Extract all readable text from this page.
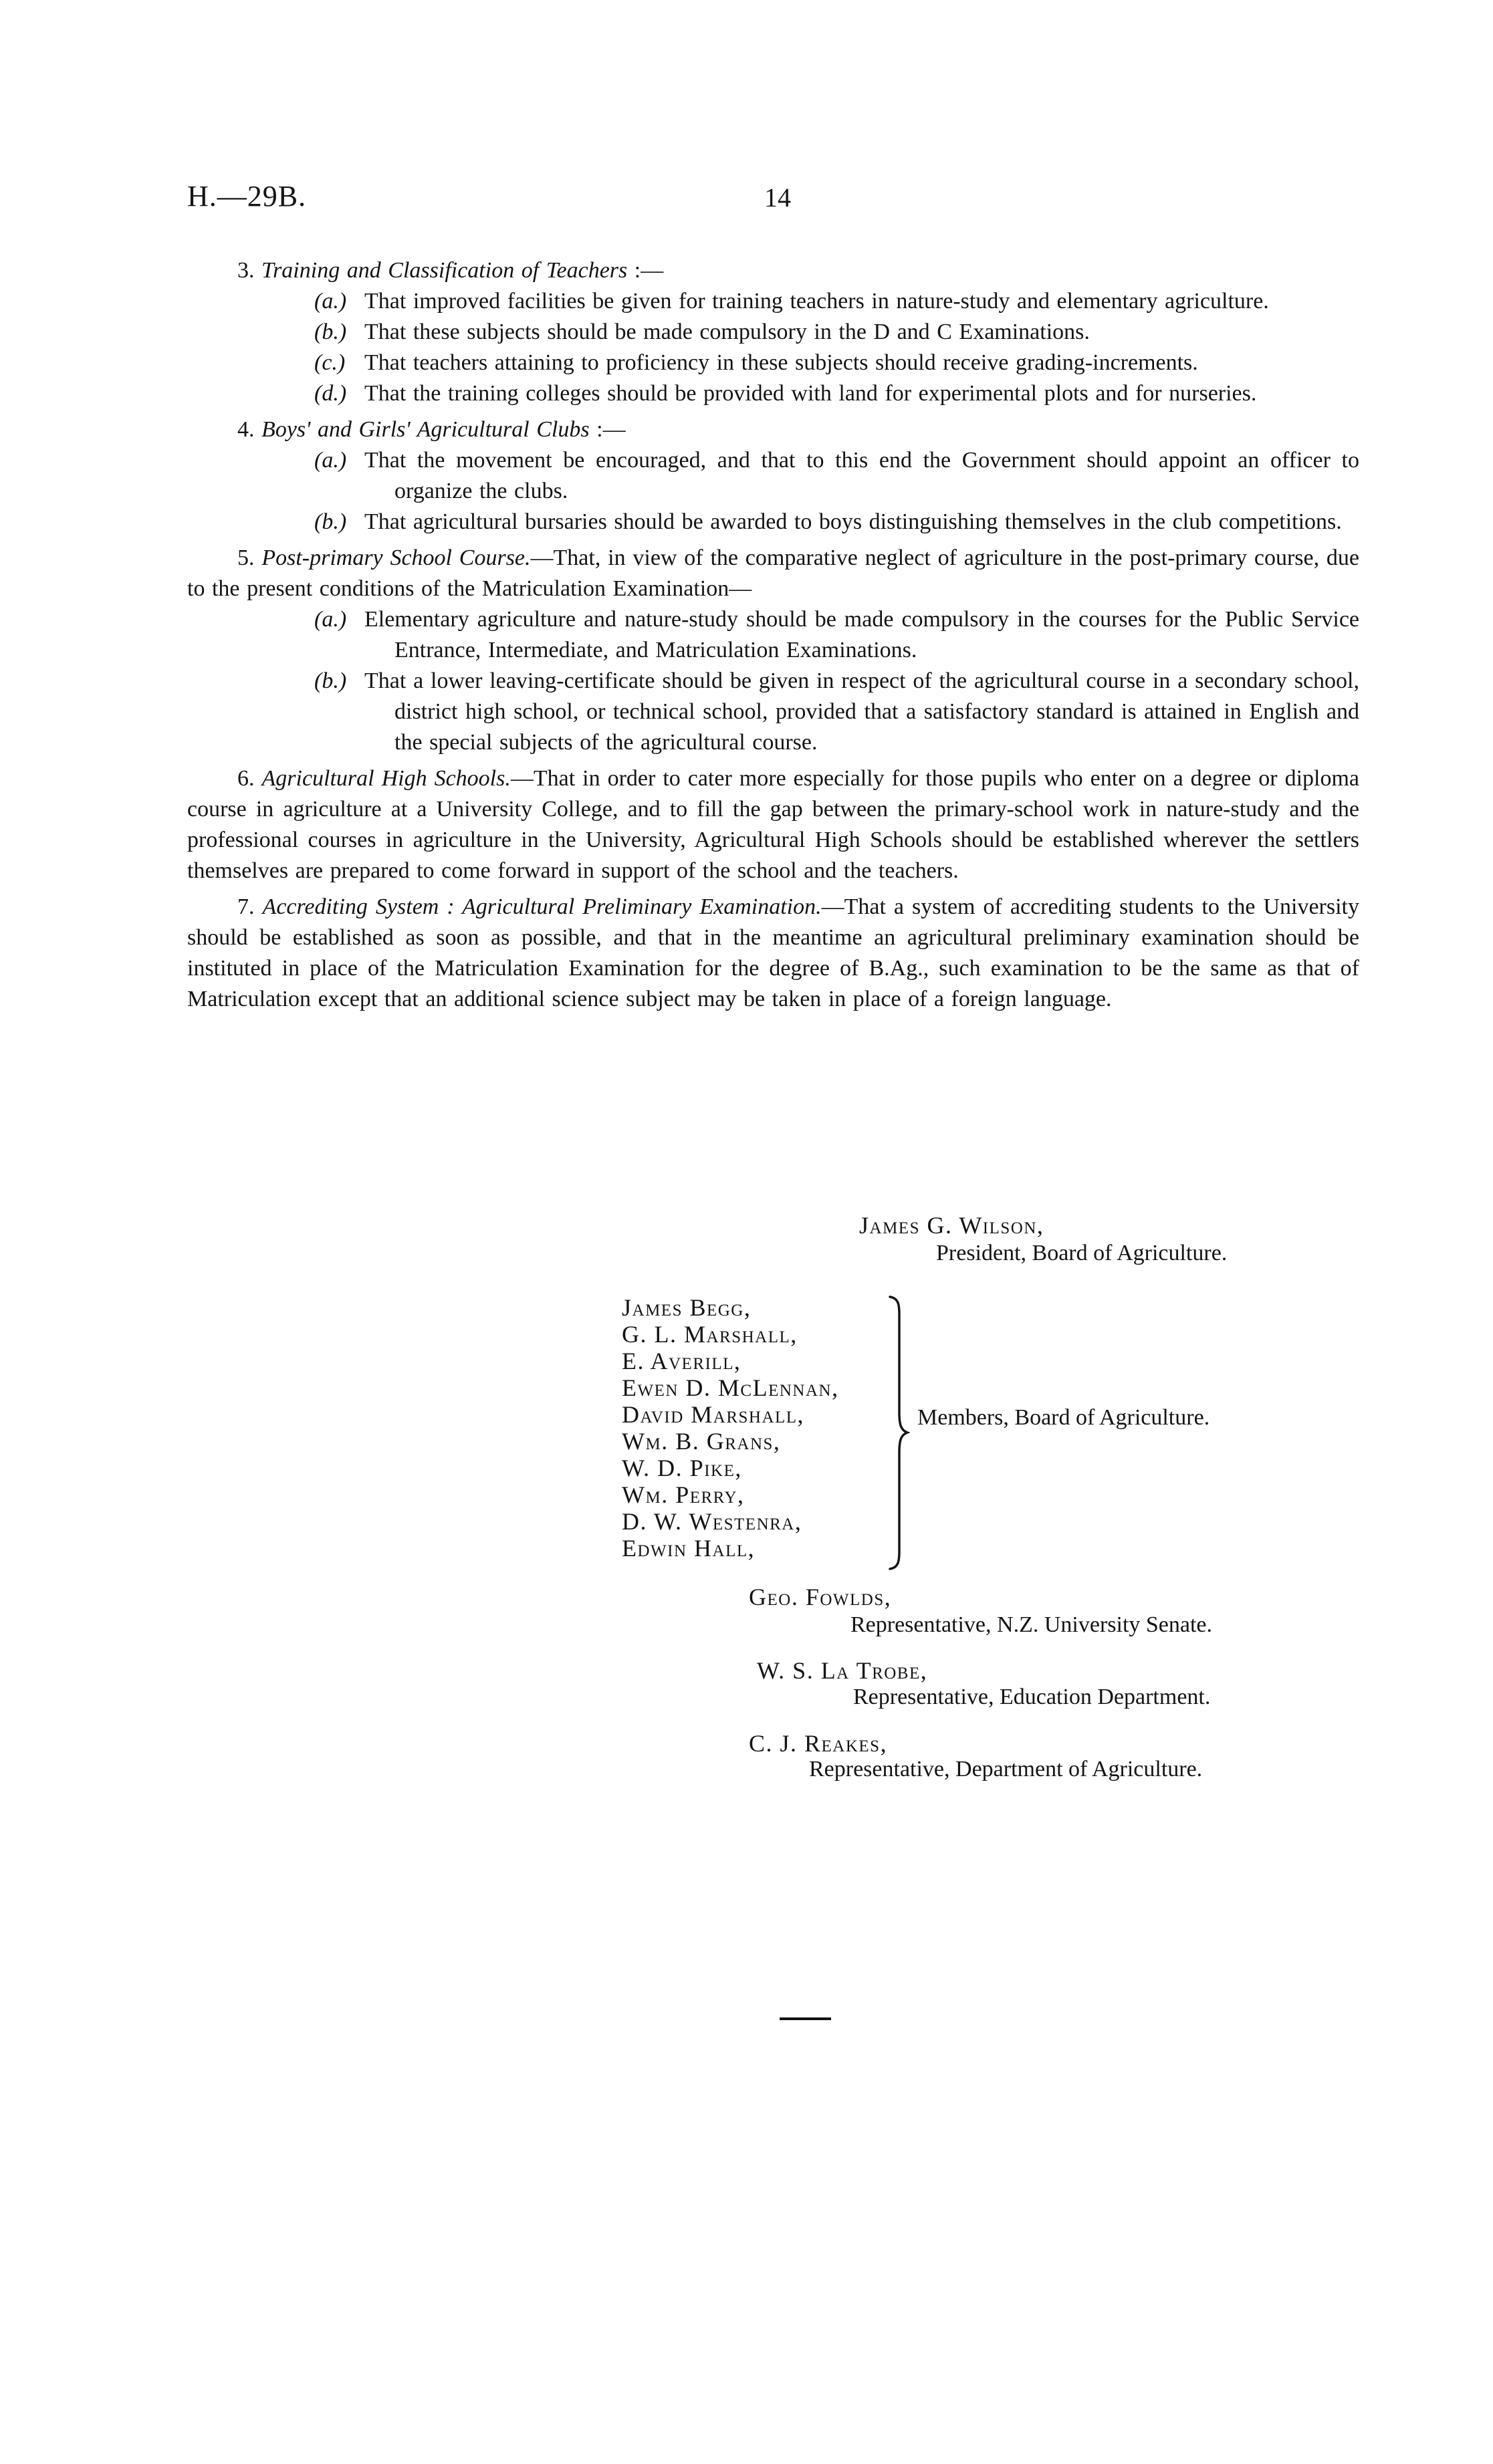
H.—29B.	14

3. Training and Classification of Teachers :—

(a.) That improved facilities be given for training teachers in nature-study and elementary agriculture.

(b.) That these subjects should be made compulsory in the D and C Examinations.

(c.) That teachers attaining to proficiency in these subjects should receive grading-increments.

(d.) That the training colleges should be provided with land for experimental plots and for nurseries.

4. Boys' and Girls' Agricultural Clubs :—

(a.) That the movement be encouraged, and that to this end the Government should appoint an officer to organize the clubs.

(b.) That agricultural bursaries should be awarded to boys distinguishing themselves in the club competitions.

5. Post-primary School Course.—That, in view of the comparative neglect of agriculture in the post-primary course, due to the present conditions of the Matriculation Examination—

(a.) Elementary agriculture and nature-study should be made compulsory in the courses for the Public Service Entrance, Intermediate, and Matriculation Examinations.

(b.) That a lower leaving-certificate should be given in respect of the agricultural course in a secondary school, district high school, or technical school, provided that a satisfactory standard is attained in English and the special subjects of the agricultural course.

6. Agricultural High Schools.—That in order to cater more especially for those pupils who enter on a degree or diploma course in agriculture at a University College, and to fill the gap between the primary-school work in nature-study and the professional courses in agriculture in the University, Agricultural High Schools should be established wherever the settlers themselves are prepared to come forward in support of the school and the teachers.

7. Accrediting System : Agricultural Preliminary Examination.—That a system of accrediting students to the University should be established as soon as possible, and that in the meantime an agricultural preliminary examination should be instituted in place of the Matriculation Examination for the degree of B.Ag., such examination to be the same as that of Matriculation except that an additional science subject may be taken in place of a foreign language.

James G. Wilson,
President, Board of Agriculture.
James Begg,
G. L. Marshall,
E. Averill,
Ewen D. McLennan,
David Marshall,
Wm. B. Grans,
W. D. Pike,
Wm. Perry,
D. W. Westenra,
Edwin Hall,
Members, Board of Agriculture.
Geo. Fowlds,
Representative, N.Z. University Senate.
W. S. La Trobe,
Representative, Education Department.
C. J. Reakes,
Representative, Department of Agriculture.
